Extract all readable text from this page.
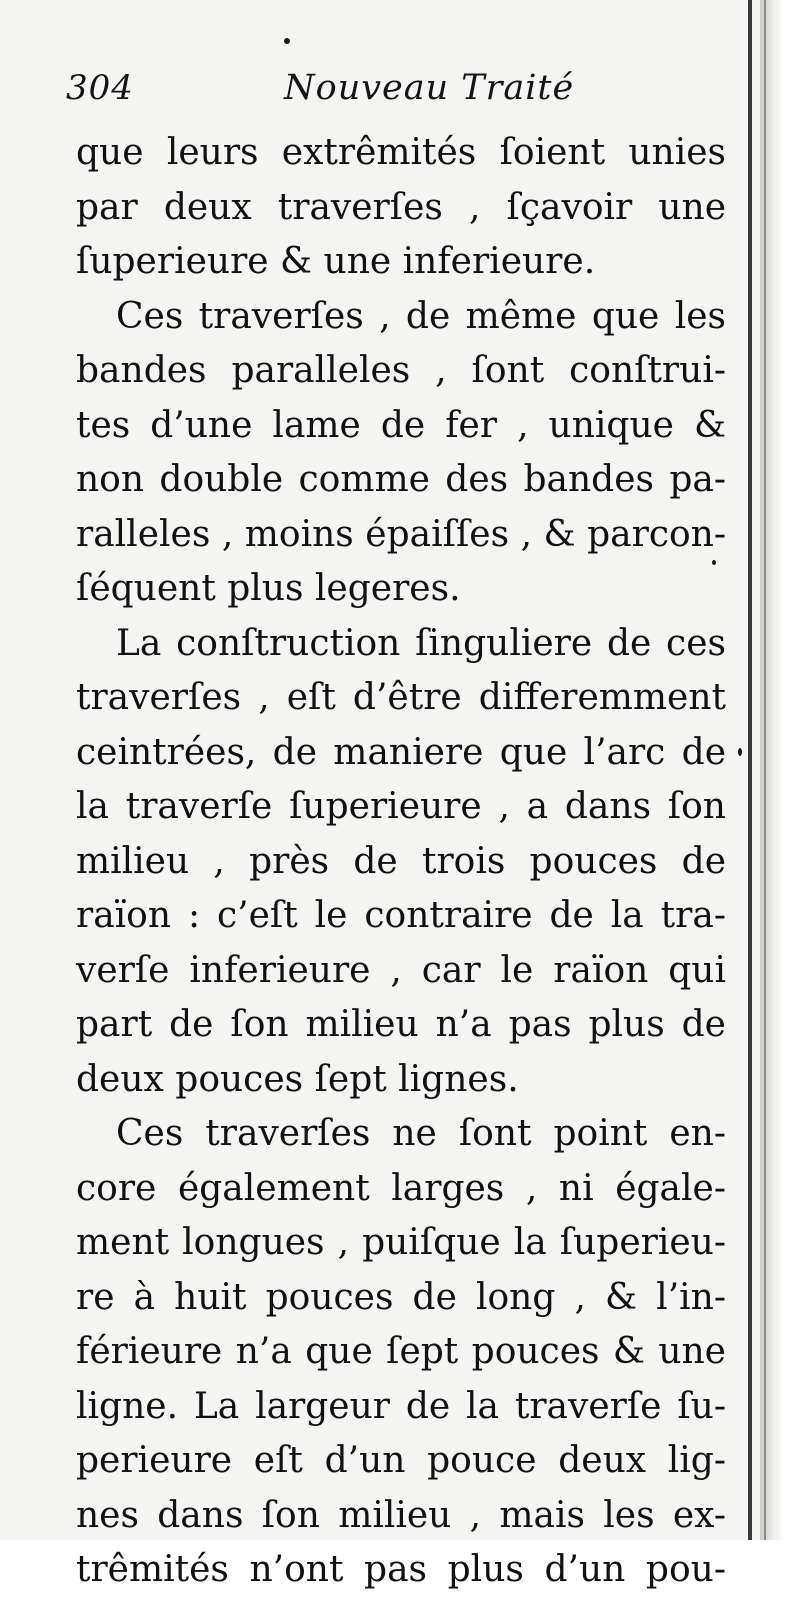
304	Nouveau Traité
que leurs extrêmités ſoient unies
par deux traverſes , ſçavoir une
ſuperieure & une inferieure.
Ces traverſes , de même que les
bandes paralleles , ſont conſtrui-
tes d’une lame de fer , unique &
non double comme des bandes pa-
ralleles , moins épaiſſes , & parcon-
ſéquent plus legeres.
La conſtruction ſinguliere de ces
traverſes , eſt d’être differemment
ceintrées, de maniere que l’arc de
la traverſe ſuperieure , a dans ſon
milieu , près de trois pouces de
raïon : c’eſt le contraire de la tra-
verſe inferieure , car le raïon qui
part de ſon milieu n’a pas plus de
deux pouces ſept lignes.
Ces traverſes ne ſont point en-
core également larges , ni égale-
ment longues , puiſque la ſuperieu-
re à huit pouces de long , & l’in-
férieure n’a que ſept pouces & une
ligne. La largeur de la traverſe ſu-
perieure eſt d’un pouce deux lig-
nes dans ſon milieu , mais les ex-
trêmités n’ont pas plus d’un pou-
